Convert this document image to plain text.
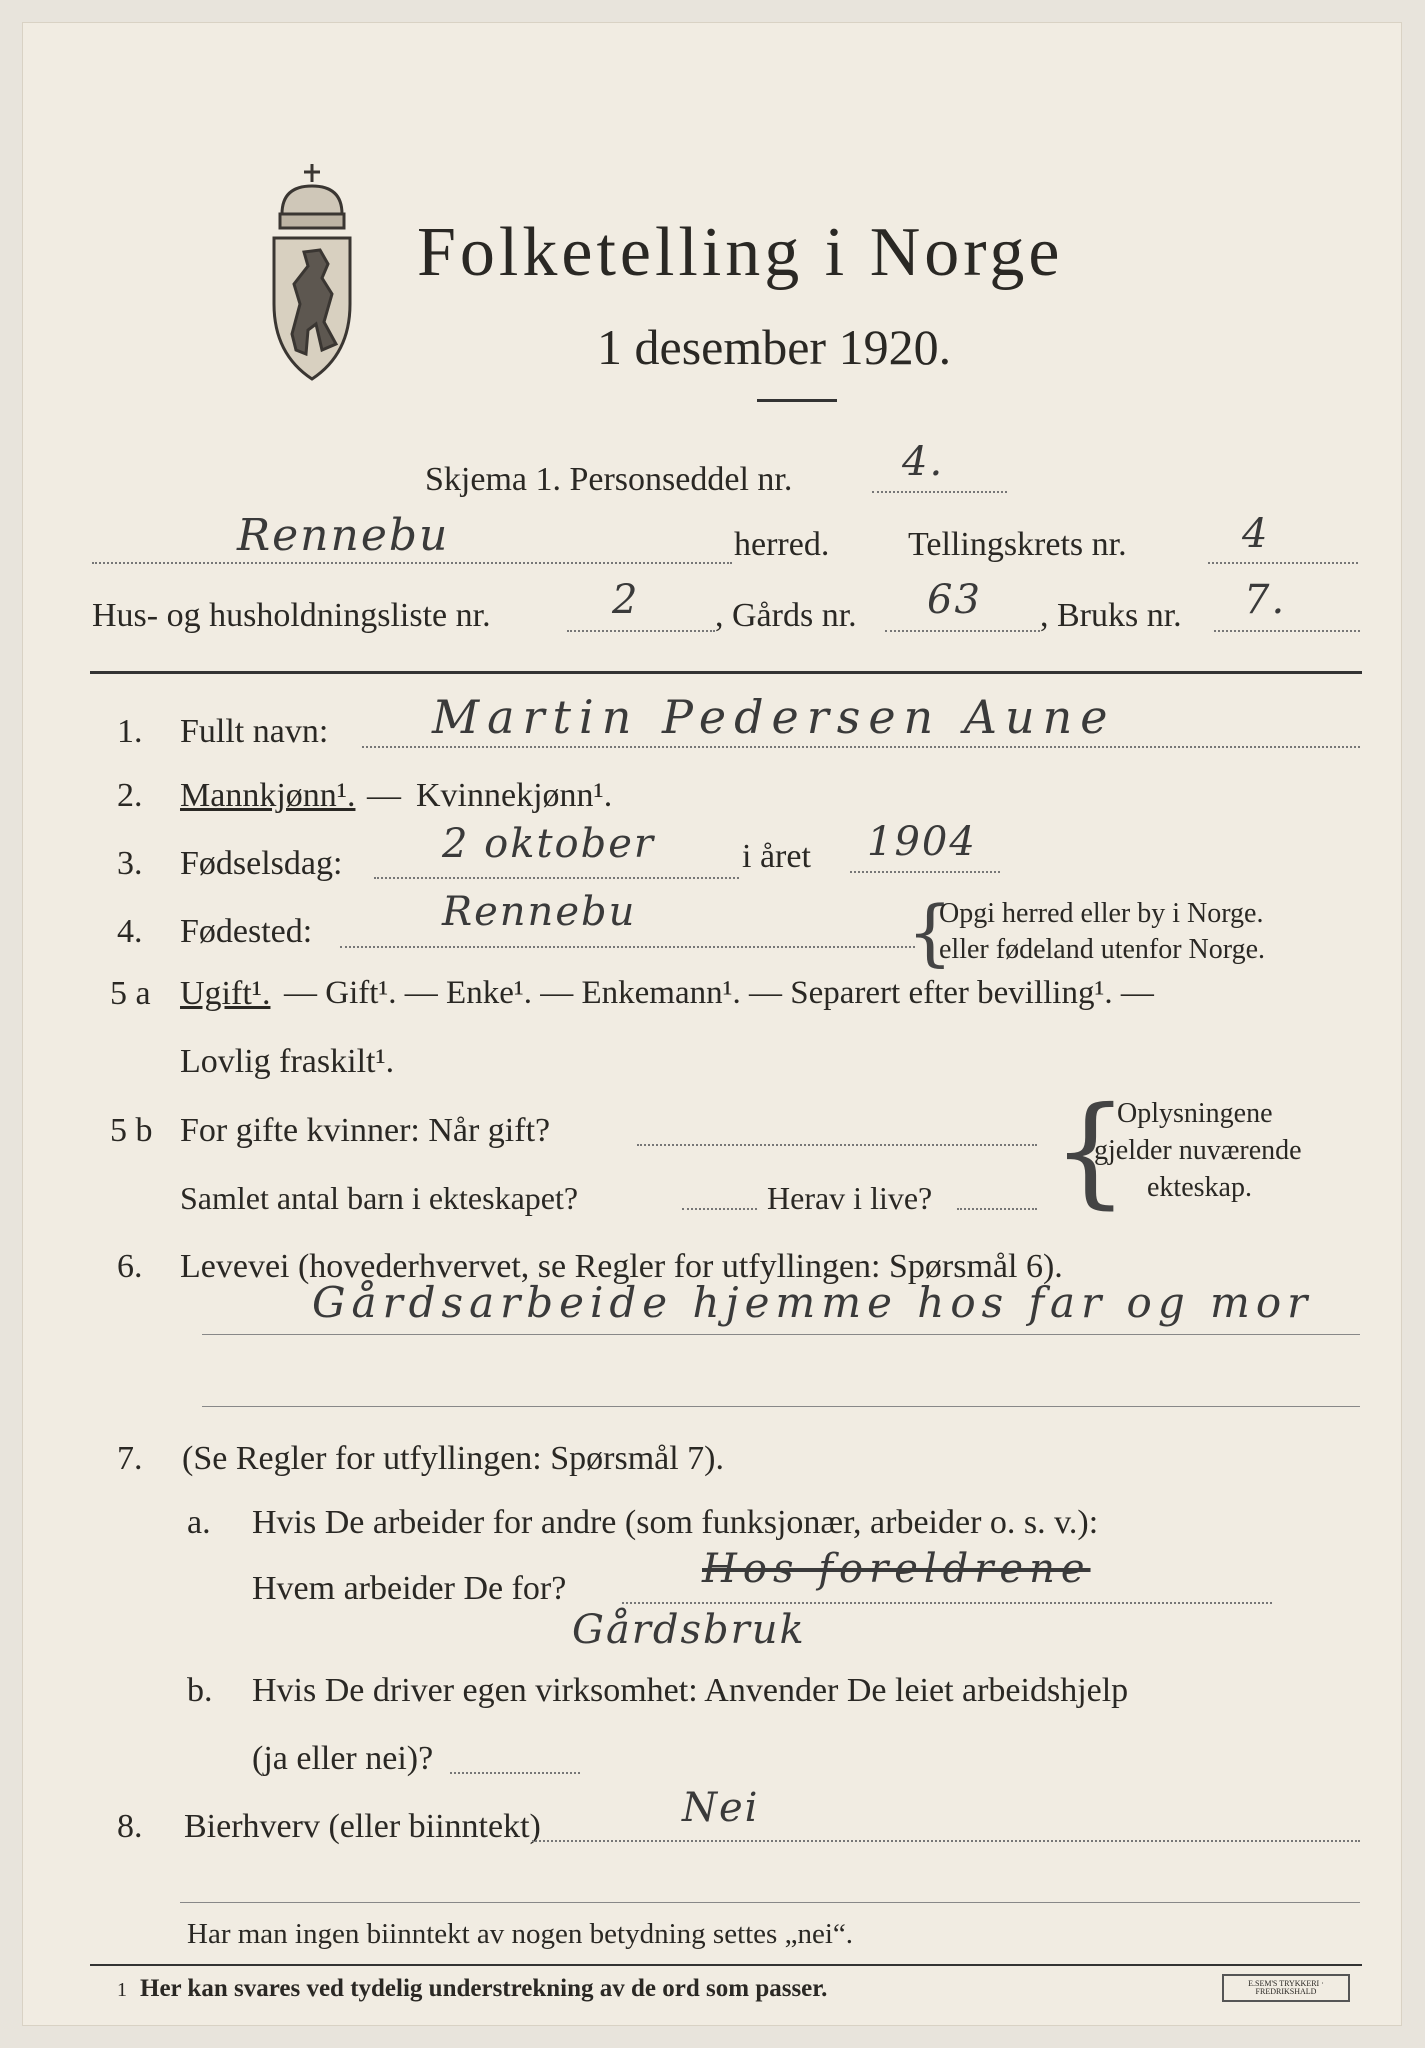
Folketelling i Norge
1 desember 1920.
Skjema 1. Personseddel nr.	4.
Rennebu	herred. Tellingskrets nr.	4
Hus- og husholdningsliste nr.	2 , Gårds nr. 63 , Bruks nr. 7.
1. Fullt navn: Martin Pedersen Aune
2. Mannkjønn¹. — Kvinnekjønn¹.
3. Fødselsdag: 2 oktober	i året 1904
4. Fødested:	Rennebu	{
Opgi herred eller by i Norge.
eller fødeland utenfor Norge.
5 a Ugift¹. — Gift¹. — Enke¹. — Enkemann¹. — Separert efter bevilling¹. —
Lovlig fraskilt¹.
5 b For gifte kvinner: Når gift?
Samlet antal barn i ekteskapet?	Herav i live? {
Oplysningene
gjelder nuværende
ekteskap.
6. Levevei (hovederhvervet, se Regler for utfyllingen: Spørsmål 6).
Gårdsarbeide hjemme hos far og mor
7. (Se Regler for utfyllingen: Spørsmål 7).
a. Hvis De arbeider for andre (som funksjonær, arbeider o. s. v.):
Hvem arbeider De for?	Hos foreldrene
Gårdsbruk
b. Hvis De driver egen virksomhet: Anvender De leiet arbeidshjelp
(ja eller nei)?
8. Bierhverv (eller biinntekt)	Nei
Har man ingen biinntekt av nogen betydning settes „nei“.
1 Her kan svares ved tydelig understrekning av de ord som passer.	E.SEM'S TRYKKERI · FREDRIKSHALD
